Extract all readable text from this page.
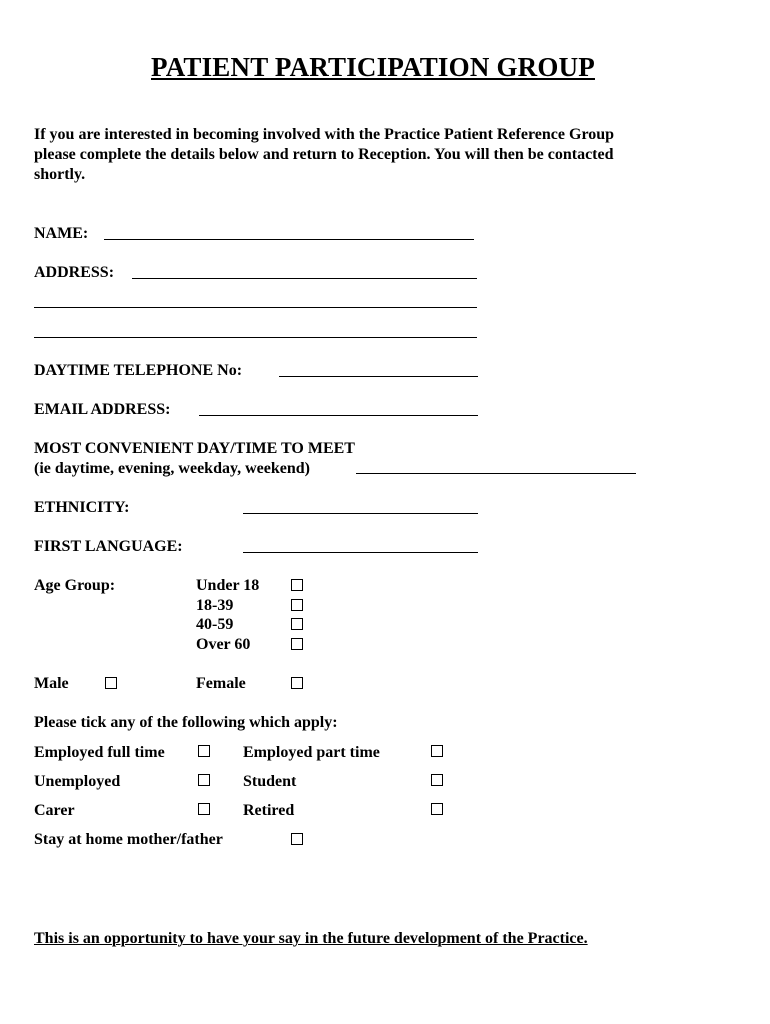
PATIENT PARTICIPATION GROUP
If you are interested in becoming involved with the Practice Patient Reference Group
please complete the details below and return to Reception. You will then be contacted
shortly.
NAME:
ADDRESS:
DAYTIME TELEPHONE No:
EMAIL ADDRESS:
MOST CONVENIENT DAY/TIME TO MEET
(ie daytime, evening, weekday, weekend)
ETHNICITY:
FIRST LANGUAGE:
Age Group:	Under 18
18-39
40-59
Over 60
Male	Female
Please tick any of the following which apply:
Employed full time	Employed part time
Unemployed	Student
Carer	Retired
Stay at home mother/father
This is an opportunity to have your say in the future development of the Practice.
